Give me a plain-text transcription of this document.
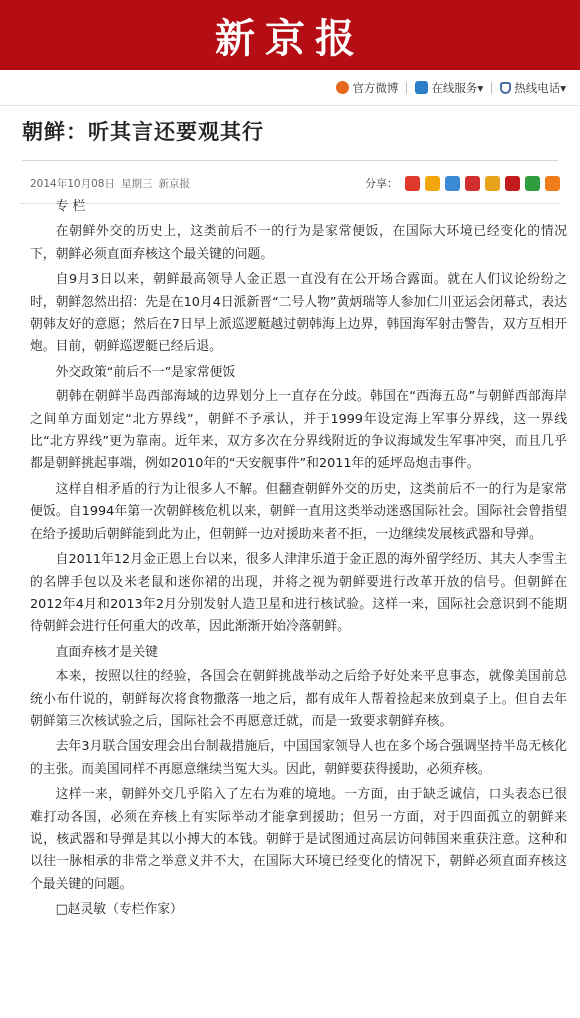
新京报
官方微博	在线服务 ▾	热线电话 ▾
朝鲜：听其言还要观其行
2014年10月08日 星期三 新京报	分享：

专 栏

在朝鲜外交的历史上，这类前后不一的行为是家常便饭，在国际大环境已经变化的情况下，朝鲜必须直面弃核这个最关键的问题。

自9月3日以来，朝鲜最高领导人金正恩一直没有在公开场合露面。就在人们议论纷纷之时，朝鲜忽然出招：先是在10月4日派新晋“二号人物”黄炳瑞等人参加仁川亚运会闭幕式，表达朝韩友好的意愿；然后在7日早上派巡逻艇越过朝韩海上边界，韩国海军射击警告，双方互相开炮。目前，朝鲜巡逻艇已经后退。

外交政策“前后不一”是家常便饭

朝韩在朝鲜半岛西部海域的边界划分上一直存在分歧。韩国在“西海五岛”与朝鲜西部海岸之间单方面划定“北方界线”，朝鲜不予承认，并于1999年设定海上军事分界线，这一界线比“北方界线”更为靠南。近年来，双方多次在分界线附近的争议海域发生军事冲突，而且几乎都是朝鲜挑起事端，例如2010年的“天安舰事件”和2011年的延坪岛炮击事件。

这样自相矛盾的行为让很多人不解。但翻查朝鲜外交的历史，这类前后不一的行为是家常便饭。自1994年第一次朝鲜核危机以来，朝鲜一直用这类举动迷惑国际社会。国际社会曾指望在给予援助后朝鲜能到此为止，但朝鲜一边对援助来者不拒，一边继续发展核武器和导弹。

自2011年12月金正恩上台以来，很多人津津乐道于金正恩的海外留学经历、其夫人李雪主的名牌手包以及米老鼠和迷你裙的出现，并将之视为朝鲜要进行改革开放的信号。但朝鲜在2012年4月和2013年2月分别发射人造卫星和进行核试验。这样一来，国际社会意识到不能期待朝鲜会进行任何重大的改革，因此渐渐开始冷落朝鲜。

直面弃核才是关键

本来，按照以往的经验，各国会在朝鲜挑战举动之后给予好处来平息事态，就像美国前总统小布什说的，朝鲜每次将食物撒落一地之后，都有成年人帮着捡起来放到桌子上。但自去年朝鲜第三次核试验之后，国际社会不再愿意迁就，而是一致要求朝鲜弃核。

去年3月联合国安理会出台制裁措施后，中国国家领导人也在多个场合强调坚持半岛无核化的主张。而美国同样不再愿意继续当冤大头。因此，朝鲜要获得援助，必须弃核。

这样一来，朝鲜外交几乎陷入了左右为难的境地。一方面，由于缺乏诚信，口头表态已很难打动各国，必须在弃核上有实际举动才能拿到援助；但另一方面，对于四面孤立的朝鲜来说，核武器和导弹是其以小搏大的本钱。朝鲜于是试图通过高层访问韩国来重获注意。这种和以往一脉相承的非常之举意义并不大，在国际大环境已经变化的情况下，朝鲜必须直面弃核这个最关键的问题。

□赵灵敏（专栏作家）
